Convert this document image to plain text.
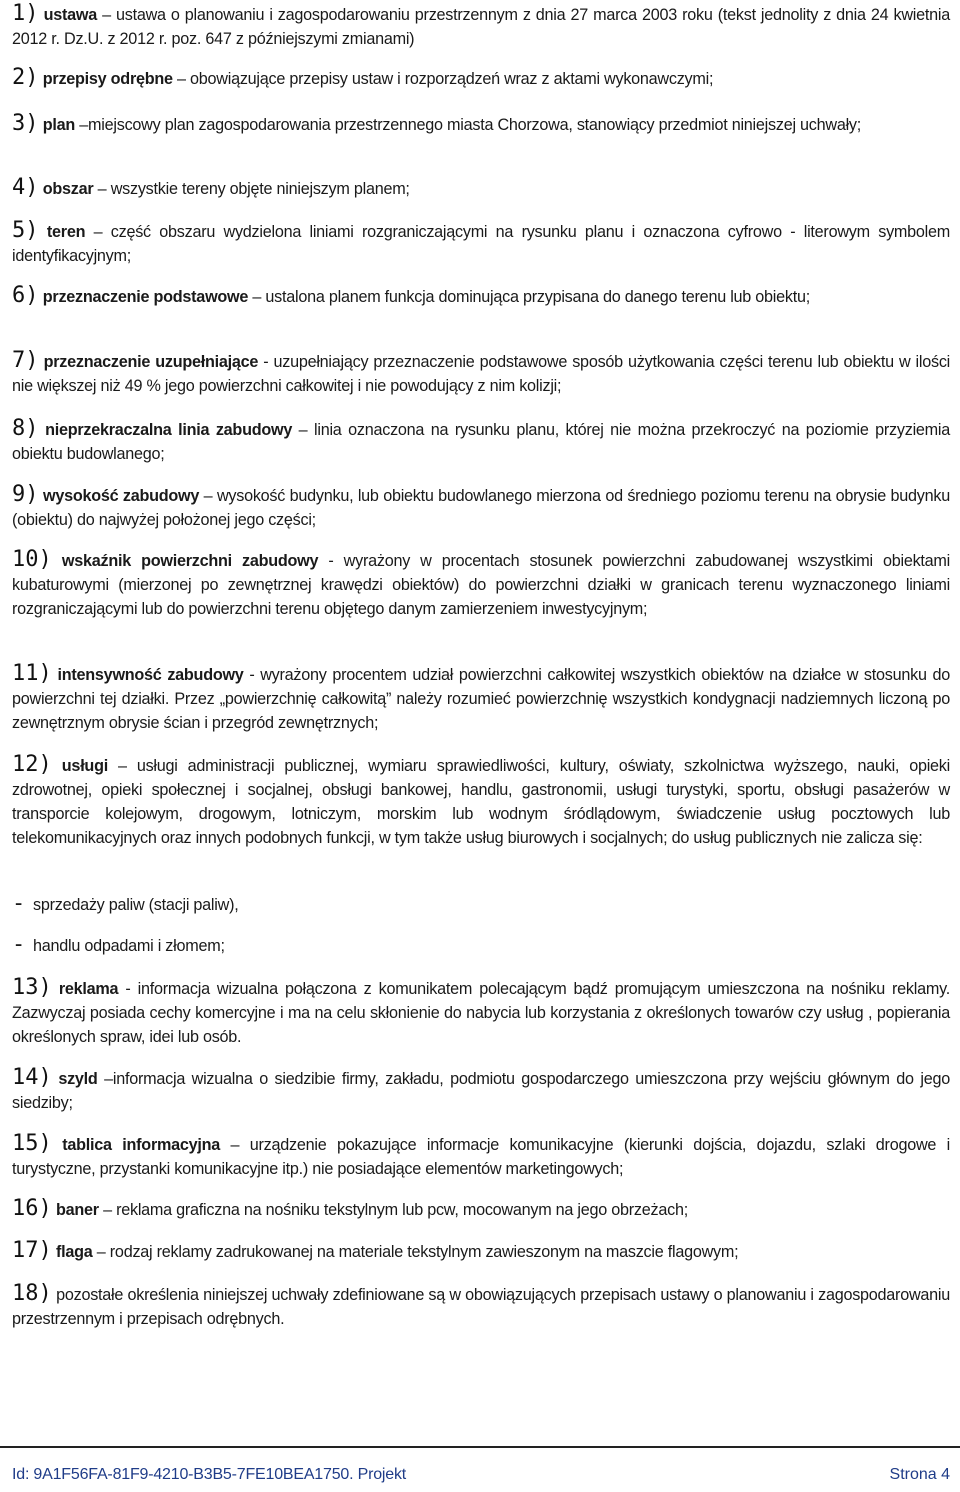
1) ustawa – ustawa o planowaniu i zagospodarowaniu przestrzennym z dnia 27 marca 2003 roku (tekst jednolity z dnia 24 kwietnia 2012 r. Dz.U. z 2012 r. poz. 647 z późniejszymi zmianami)

2) przepisy odrębne – obowiązujące przepisy ustaw i rozporządzeń wraz z aktami wykonawczymi;

3) plan –miejscowy plan zagospodarowania przestrzennego miasta Chorzowa, stanowiący przedmiot niniejszej uchwały;

4) obszar – wszystkie tereny objęte niniejszym planem;

5) teren – część obszaru wydzielona liniami rozgraniczającymi na rysunku planu i oznaczona cyfrowo - literowym symbolem identyfikacyjnym;

6) przeznaczenie podstawowe – ustalona planem funkcja dominująca przypisana do danego terenu lub obiektu;

7) przeznaczenie uzupełniające - uzupełniający przeznaczenie podstawowe sposób użytkowania części terenu lub obiektu w ilości nie większej niż 49 % jego powierzchni całkowitej i nie powodujący z nim kolizji;

8) nieprzekraczalna linia zabudowy – linia oznaczona na rysunku planu, której nie można przekroczyć na poziomie przyziemia obiektu budowlanego;

9) wysokość zabudowy – wysokość budynku, lub obiektu budowlanego mierzona od średniego poziomu terenu na obrysie budynku (obiektu) do najwyżej położonej jego części;

10) wskaźnik powierzchni zabudowy - wyrażony w procentach stosunek powierzchni zabudowanej wszystkimi obiektami kubaturowymi (mierzonej po zewnętrznej krawędzi obiektów) do powierzchni działki w granicach terenu wyznaczonego liniami rozgraniczającymi lub do powierzchni terenu objętego danym zamierzeniem inwestycyjnym;

11) intensywność zabudowy - wyrażony procentem udział powierzchni całkowitej wszystkich obiektów na działce w stosunku do powierzchni tej działki. Przez „powierzchnię całkowitą” należy rozumieć powierzchnię wszystkich kondygnacji nadziemnych liczoną po zewnętrznym obrysie ścian i przegród zewnętrznych;

12) usługi – usługi administracji publicznej, wymiaru sprawiedliwości, kultury, oświaty, szkolnictwa wyższego, nauki, opieki zdrowotnej, opieki społecznej i socjalnej, obsługi bankowej, handlu, gastronomii, usługi turystyki, sportu, obsługi pasażerów w transporcie kolejowym, drogowym, lotniczym, morskim lub wodnym śródlądowym, świadczenie usług pocztowych lub telekomunikacyjnych oraz innych podobnych funkcji, w tym także usług biurowych i socjalnych; do usług publicznych nie zalicza się:

- sprzedaży paliw (stacji paliw),

- handlu odpadami i złomem;

13) reklama - informacja wizualna połączona z komunikatem polecającym bądź promującym umieszczona na nośniku reklamy. Zazwyczaj posiada cechy komercyjne i ma na celu skłonienie do nabycia lub korzystania z określonych towarów czy usług , popierania określonych spraw, idei lub osób.

14) szyld –informacja wizualna o siedzibie firmy, zakładu, podmiotu gospodarczego umieszczona przy wejściu głównym do jego siedziby;

15) tablica informacyjna – urządzenie pokazujące informacje komunikacyjne (kierunki dojścia, dojazdu, szlaki drogowe i turystyczne, przystanki komunikacyjne itp.) nie posiadające elementów marketingowych;

16) baner – reklama graficzna na nośniku tekstylnym lub pcw, mocowanym na jego obrzeżach;

17) flaga – rodzaj reklamy zadrukowanej na materiale tekstylnym zawieszonym na maszcie flagowym;

18) pozostałe określenia niniejszej uchwały zdefiniowane są w obowiązujących przepisach ustawy o planowaniu i zagospodarowaniu przestrzennym i przepisach odrębnych.

Id: 9A1F56FA-81F9-4210-B3B5-7FE10BEA1750. Projekt	Strona 4
